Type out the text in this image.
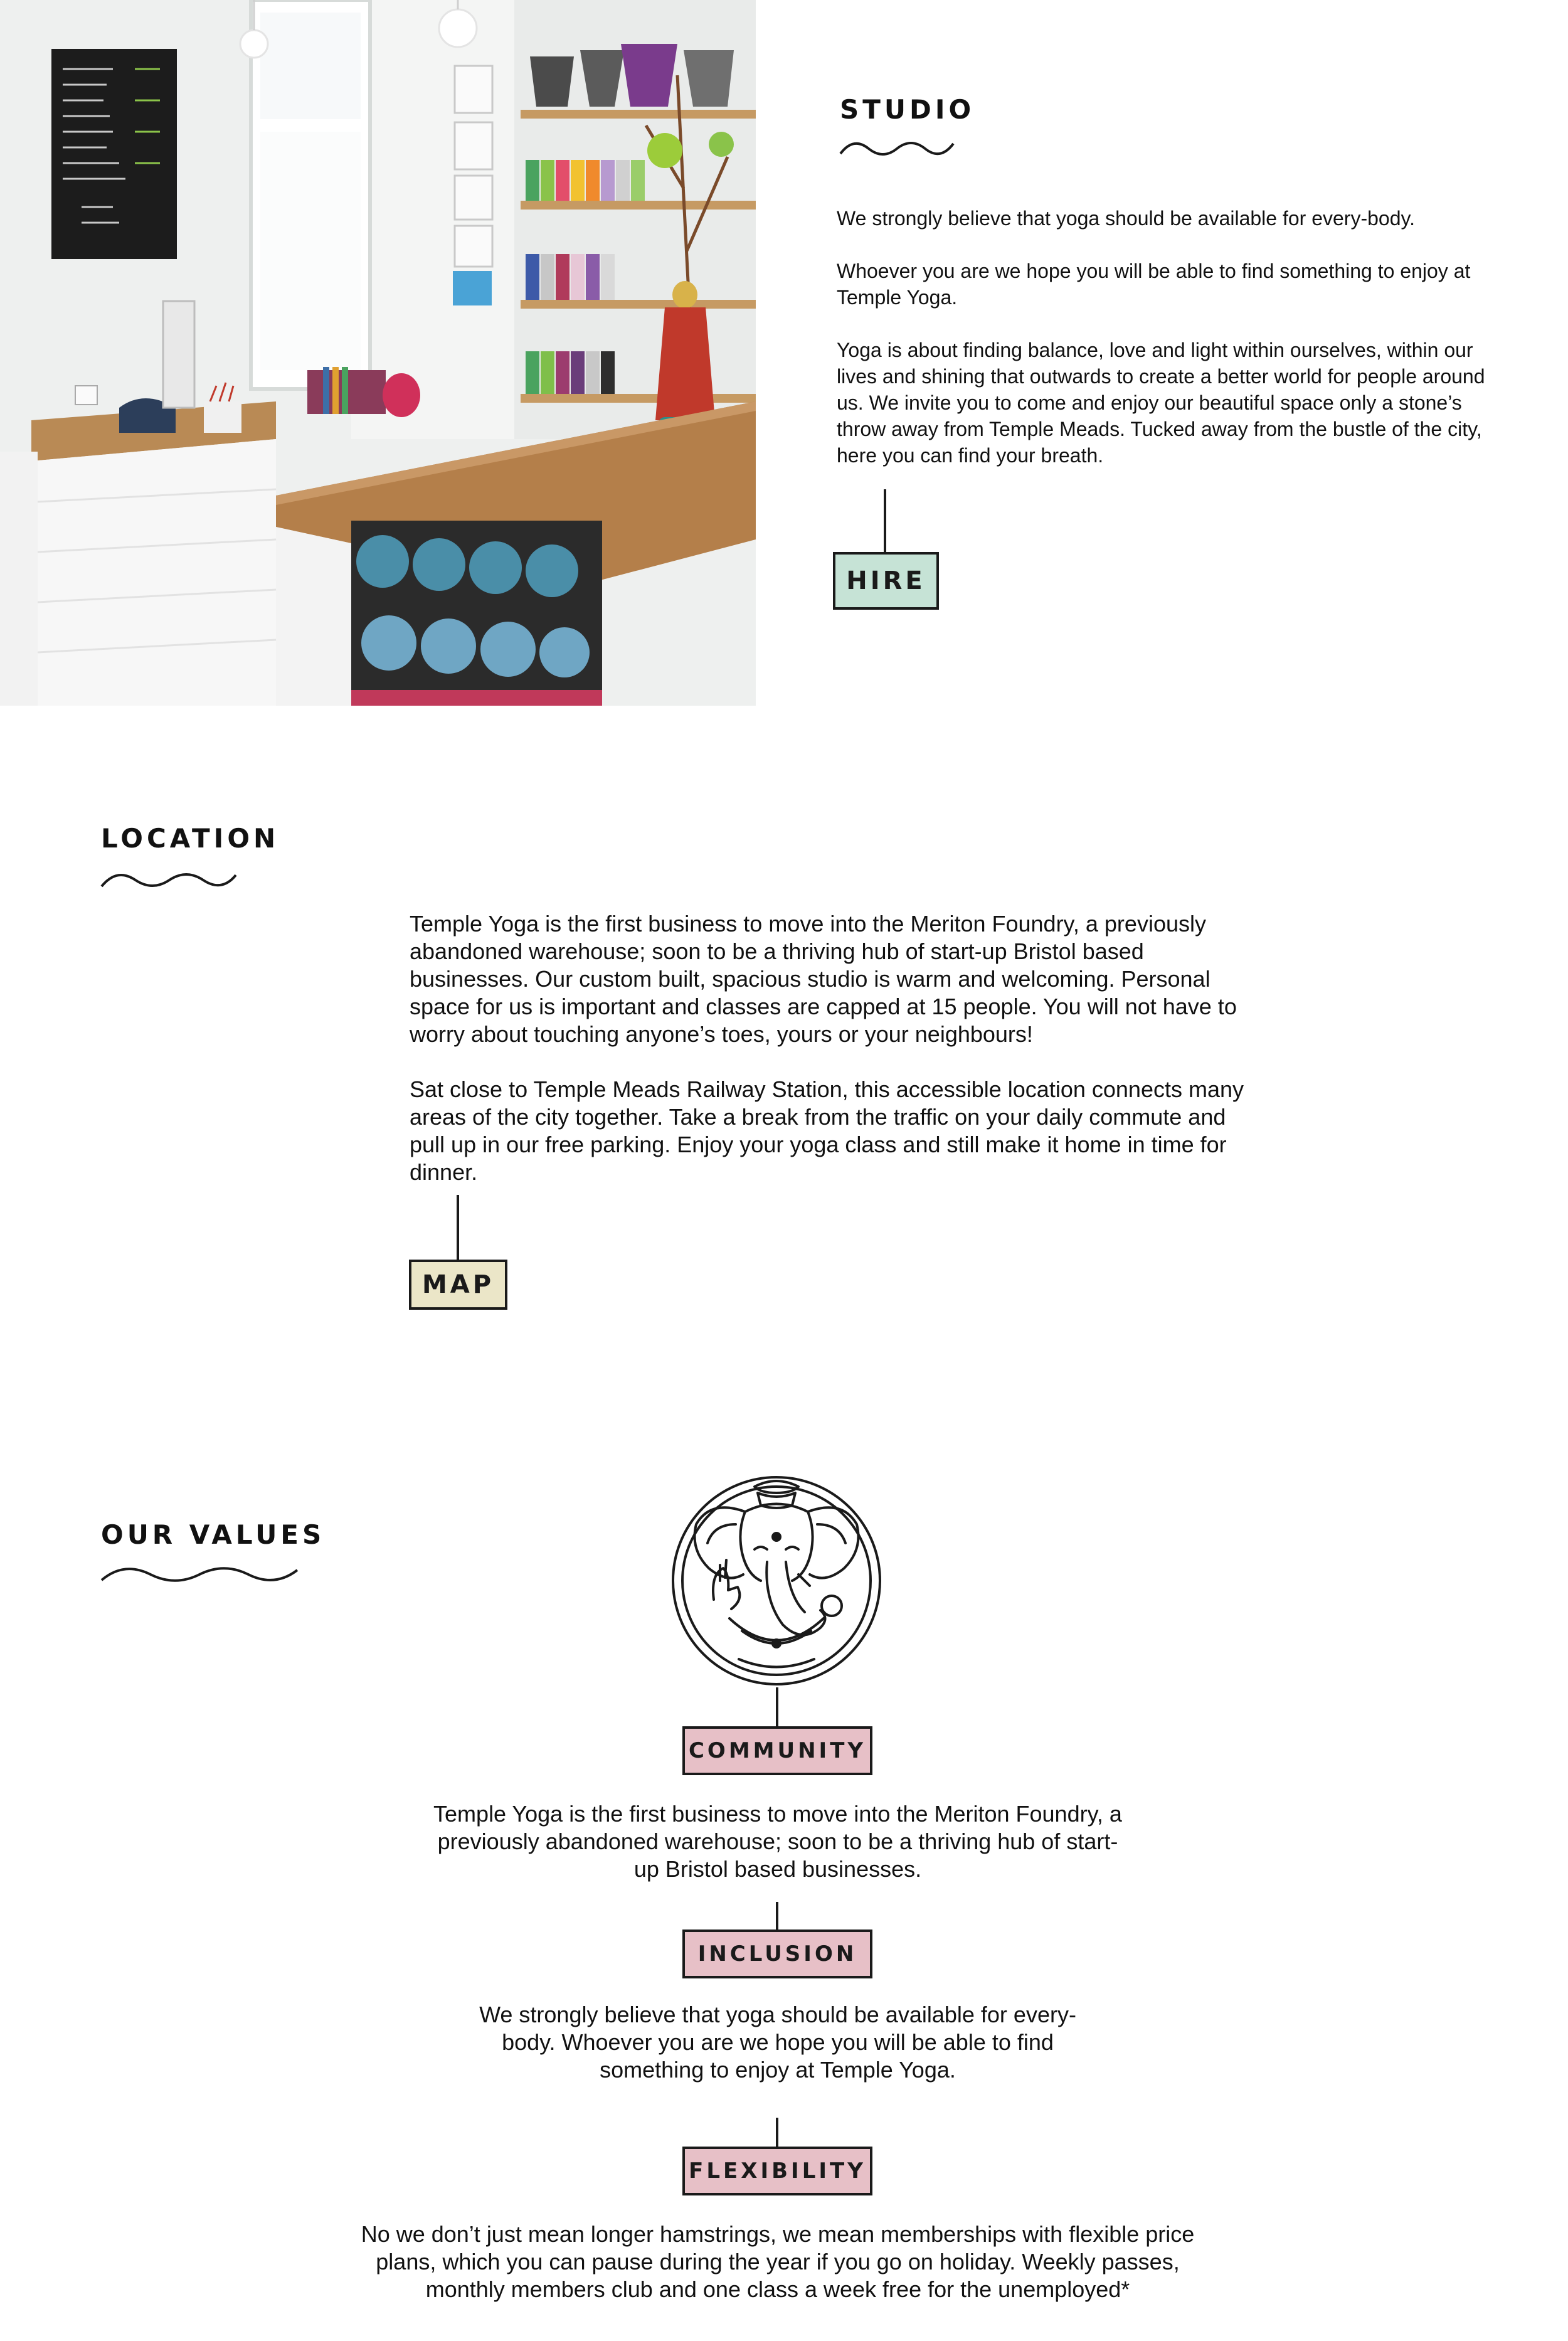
STUDIO

We strongly believe that yoga should be available for every-body.

Whoever you are we hope you will be able to find something to enjoy at Temple Yoga.

Yoga is about finding balance, love and light within ourselves, within our lives and shining that outwards to create a better world for people around us. We invite you to come and enjoy our beautiful space only a stone’s throw away from Temple Meads. Tucked away from the bustle of the city, here you can find your breath.

HIRE
LOCATION

Temple Yoga is the first business to move into the Meriton Foundry, a previously abandoned warehouse; soon to be a thriving hub of start-up Bristol based businesses. Our custom built, spacious studio is warm and welcoming. Personal space for us is important and classes are capped at 15 people. You will not have to worry about touching anyone’s toes, yours or your neighbours!

Sat close to Temple Meads Railway Station, this accessible location connects many areas of the city together. Take a break from the traffic on your daily commute and pull up in our free parking. Enjoy your yoga class and still make it home in time for dinner.

MAP
OUR VALUES
COMMUNITY
Temple Yoga is the first business to move into the Meriton Foundry, a previously abandoned warehouse; soon to be a thriving hub of start-up Bristol based businesses.
INCLUSION
We strongly believe that yoga should be available for every-body. Whoever you are we hope you will be able to find something to enjoy at Temple Yoga.
FLEXIBILITY
No we don’t just mean longer hamstrings, we mean memberships with flexible price plans, which you can pause during the year if you go on holiday. Weekly passes, monthly members club and one class a week free for the unemployed*
